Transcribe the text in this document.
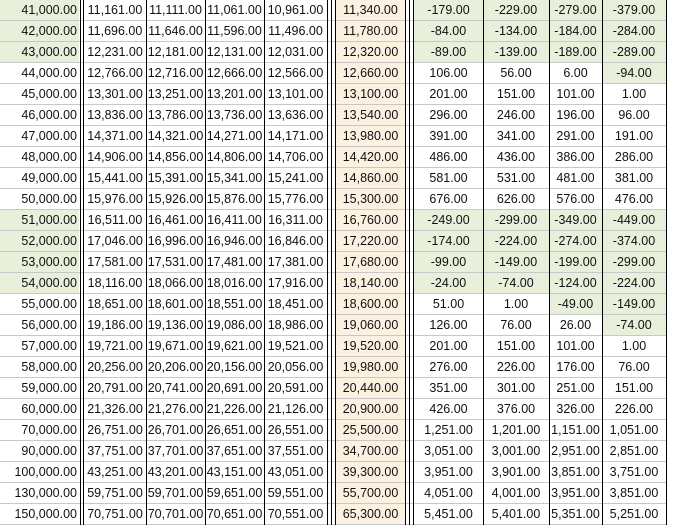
41,000.00 11,161.00 11,111.00 11,061.00 10,961.00	11,340.00	-179.00	-229.00	-279.00	-379.00
42,000.00 11,696.00 11,646.00 11,596.00 11,496.00	11,780.00	-84.00	-134.00	-184.00	-284.00
43,000.00 12,231.00 12,181.00 12,131.00 12,031.00	12,320.00	-89.00	-139.00	-189.00	-289.00
44,000.00 12,766.00 12,716.00 12,666.00 12,566.00	12,660.00	106.00	56.00	6.00	-94.00
45,000.00 13,301.00 13,251.00 13,201.00 13,101.00	13,100.00	201.00	151.00	101.00	1.00
46,000.00 13,836.00 13,786.00 13,736.00 13,636.00	13,540.00	296.00	246.00	196.00	96.00
47,000.00 14,371.00 14,321.00 14,271.00 14,171.00	13,980.00	391.00	341.00	291.00	191.00
48,000.00 14,906.00 14,856.00 14,806.00 14,706.00	14,420.00	486.00	436.00	386.00	286.00
49,000.00 15,441.00 15,391.00 15,341.00 15,241.00	14,860.00	581.00	531.00	481.00	381.00
50,000.00 15,976.00 15,926.00 15,876.00 15,776.00	15,300.00	676.00	626.00	576.00	476.00
51,000.00 16,511.00 16,461.00 16,411.00 16,311.00	16,760.00	-249.00	-299.00	-349.00	-449.00
52,000.00 17,046.00 16,996.00 16,946.00 16,846.00	17,220.00	-174.00	-224.00	-274.00	-374.00
53,000.00 17,581.00 17,531.00 17,481.00 17,381.00	17,680.00	-99.00	-149.00	-199.00	-299.00
54,000.00 18,116.00 18,066.00 18,016.00 17,916.00	18,140.00	-24.00	-74.00	-124.00	-224.00
55,000.00 18,651.00 18,601.00 18,551.00 18,451.00	18,600.00	51.00	1.00	-49.00	-149.00
56,000.00 19,186.00 19,136.00 19,086.00 18,986.00	19,060.00	126.00	76.00	26.00	-74.00
57,000.00 19,721.00 19,671.00 19,621.00 19,521.00	19,520.00	201.00	151.00	101.00	1.00
58,000.00 20,256.00 20,206.00 20,156.00 20,056.00	19,980.00	276.00	226.00	176.00	76.00
59,000.00 20,791.00 20,741.00 20,691.00 20,591.00	20,440.00	351.00	301.00	251.00	151.00
60,000.00 21,326.00 21,276.00 21,226.00 21,126.00	20,900.00	426.00	376.00	326.00	226.00
70,000.00 26,751.00 26,701.00 26,651.00 26,551.00	25,500.00	1,251.00	1,201.00 1,151.00 1,051.00
90,000.00 37,751.00 37,701.00 37,651.00 37,551.00	34,700.00	3,051.00	3,001.00 2,951.00 2,851.00
100,000.00 43,251.00 43,201.00 43,151.00 43,051.00	39,300.00	3,951.00	3,901.00 3,851.00 3,751.00
130,000.00 59,751.00 59,701.00 59,651.00 59,551.00	55,700.00	4,051.00	4,001.00 3,951.00 3,851.00
150,000.00 70,751.00 70,701.00 70,651.00 70,551.00	65,300.00	5,451.00	5,401.00 5,351.00 5,251.00
